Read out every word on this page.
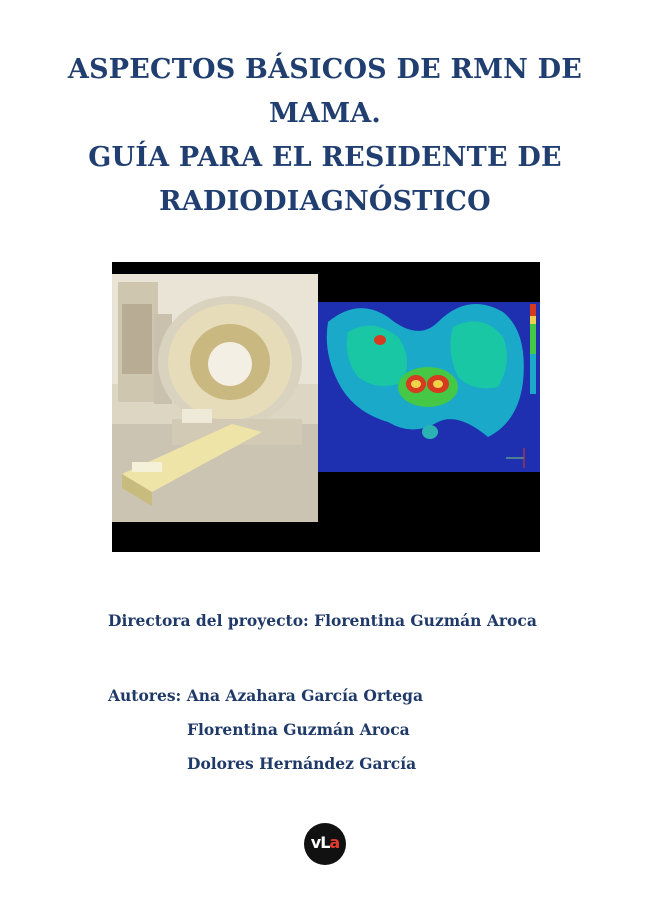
ASPECTOS BÁSICOS DE RMN DE
MAMA.
GUÍA PARA EL RESIDENTE DE
RADIODIAGNÓSTICO
Directora del proyecto: Florentina Guzmán Aroca
Autores: Ana Azahara García Ortega
Florentina Guzmán Aroca
Dolores Hernández García
vLa
